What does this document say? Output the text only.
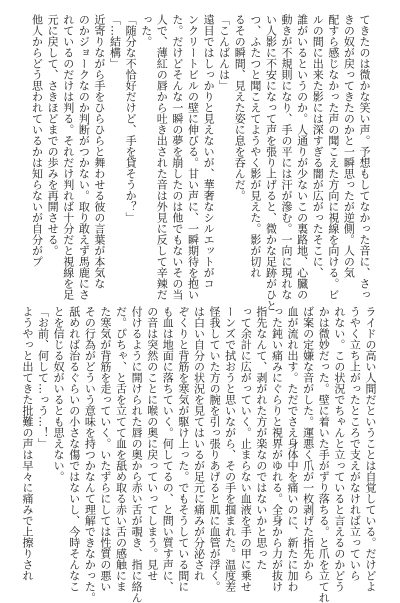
てきたのは微かな笑い声。予想もしてなかった音に、さっ

きの奴が戻ってきたのかと一瞬思ったが逆側。人の気

配すら感じなかった声の聞こえた方向に視線を向ける。ビ

ルの間に出来た影には深すぎる闇が広がったそこに、

誰がいるというのか。人通りが少ないこの裏路地、心臓の

動きが不規則になり、手の平には汗が滲む。一向に現れな

い人影に不安になって声を張り上げると、微かな足跡がひと

つ、ふたつと聞こえてようやく影が見えた。影が切れ

るその瞬間、見えた姿に息を呑んだ。

「こんばんは」

遠目ではしっかりと見えないが、華奢なシルエットがコ

ンクリートビルの壁に伸びる。甘い声に、一瞬期待を抱い

た。だけどそんな一瞬の夢を崩したのは他でもないその当

人で、薄紅の唇から吐き出された音は外見に反して辛辣だ

った。

「随分な不恰好だけど、手を貸そうか？」

「…結構」

近寄りながら手をひらひらと舞わせる彼の言葉が本気な

のかジョークなのか判断がつかない。取り敢えず馬鹿にさ

れているのだけは判る。それだけ判れば十分だと視線を足

元に戻して、さきほどまでの歩みを再開させる。

他人からどう思われているかは知らないが自分がプ

ライドの高い人間だということは自覚している。だけどよ

うやく立ち上がったところで支えがなければ立っていら

れない。この状況でちゃんと立っていると言えるのかどう

かは微妙だった。壁に着いた手がずり落ちる。と爪を立てれ

ば案の定嫌な音がした。運悪く爪が一枚剥げた指先から

血が流れ出す。ただでさえ身体中を痛いのに、新たに加わ

った鈍い痛みにぐらりと視界がゆれる。全身から力が抜け

指先なんて、剥がれた方が楽なのではないかと思った

って余計に広がっていく。止まらない血液を手の甲に乗せ

ーンズで拭おうと思いながら、その手を掴まれた。温度差

怪我していた方の腕を引っ張りあげると肌に血管が浮く。

は白い自分の状況を見てはいるが足元に痛みが分泌され

ぞくりと背筋を寒気が駆け上った。でもそうしている間に

も血は地面に落ちていく。何してるの、と問い質す声に、

の音は突然のことに喉の奥に戻っていってしまう。見せ

付けるように開けられた唇の奥から赤い舌が覗き、指に絡ん

だ。ぴちゃ、と舌を立てて血を舐め取る赤い舌の感触にま

た寒気が背筋を走っていく。いたずらにしては性質の悪い

その行為がどういう意味を持つかなんて理解できなかった。

舐めれば治るぐらいの小さな傷ではないし、今時そんなこ

とを信じる奴がいるとも思えない。

「お前、何して…っう…！」

ようやっと出てきた批難の声は早々に痛みで上擦りされ
